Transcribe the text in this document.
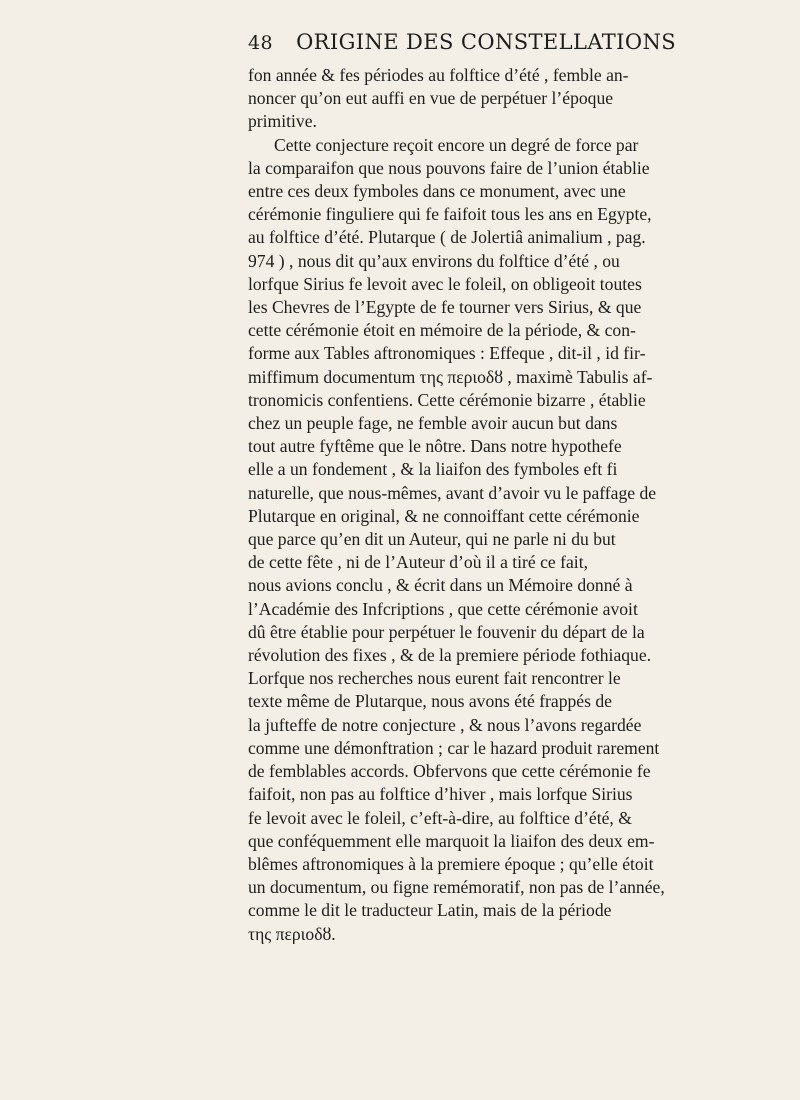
48 ORIGINE DES CONSTELLATIONS
fon année & fes périodes au folftice d’été , femble an-
noncer qu’on eut auffi en vue de perpétuer l’époque
primitive.
Cette conjecture reçoit encore un degré de force par
la comparaifon que nous pouvons faire de l’union établie
entre ces deux fymboles dans ce monument, avec une
cérémonie finguliere qui fe faifoit tous les ans en Egypte,
au folftice d’été. Plutarque ( de Jolertiâ animalium , pag.
974 ) , nous dit qu’aux environs du folftice d’été , ou
lorfque Sirius fe levoit avec le foleil, on obligeoit toutes
les Chevres de l’Egypte de fe tourner vers Sirius, & que
cette cérémonie étoit en mémoire de la période, & con-
forme aux Tables aftronomiques : Effeque , dit-il , id fir-
miffimum documentum της περιοδȣ , maximè Tabulis af-
tronomicis confentiens. Cette cérémonie bizarre , établie
chez un peuple fage, ne femble avoir aucun but dans
tout autre fyftême que le nôtre. Dans notre hypothefe
elle a un fondement , & la liaifon des fymboles eft fi
naturelle, que nous-mêmes, avant d’avoir vu le paffage de
Plutarque en original, & ne connoiffant cette cérémonie
que parce qu’en dit un Auteur, qui ne parle ni du but
de cette fête , ni de l’Auteur d’où il a tiré ce fait,
nous avions conclu , & écrit dans un Mémoire donné à
l’Académie des Infcriptions , que cette cérémonie avoit
dû être établie pour perpétuer le fouvenir du départ de la
révolution des fixes , & de la premiere période fothiaque.
Lorfque nos recherches nous eurent fait rencontrer le
texte même de Plutarque, nous avons été frappés de
la jufteffe de notre conjecture , & nous l’avons regardée
comme une démonftration ; car le hazard produit rarement
de femblables accords. Obfervons que cette cérémonie fe
faifoit, non pas au folftice d’hiver , mais lorfque Sirius
fe levoit avec le foleil, c’eft-à-dire, au folftice d’été, &
que conféquemment elle marquoit la liaifon des deux em-
blêmes aftronomiques à la premiere époque ; qu’elle étoit
un documentum, ou figne remémoratif, non pas de l’année,
comme le dit le traducteur Latin, mais de la période
της περιοδȣ.
